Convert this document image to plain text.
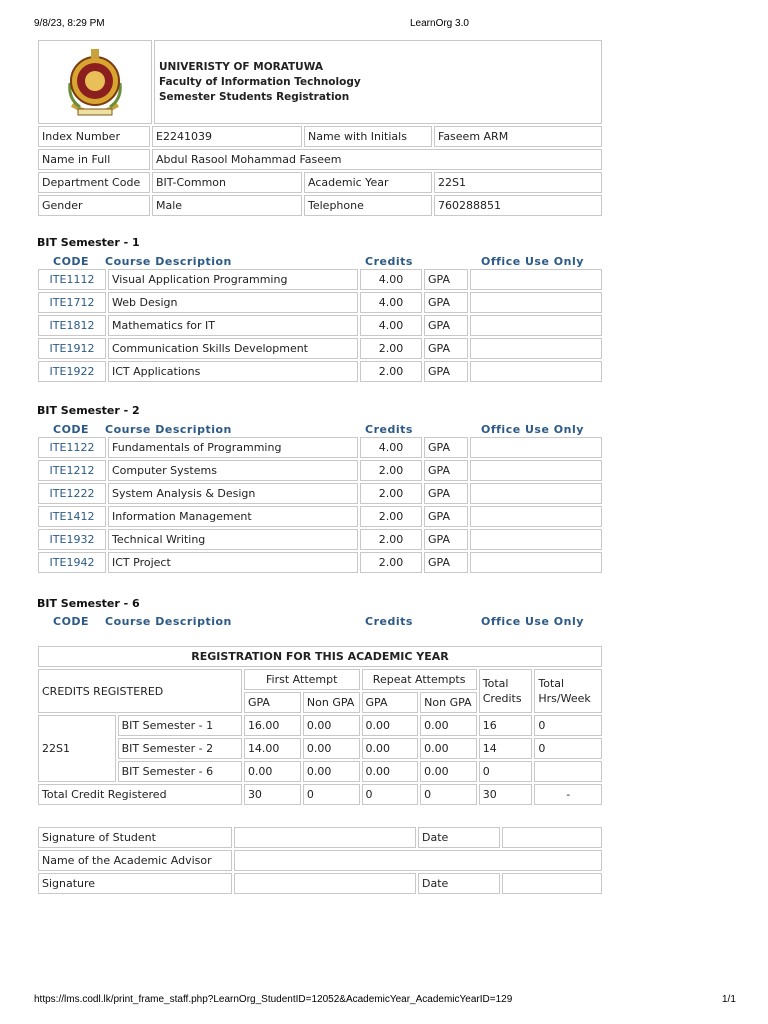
9/8/23, 8:29 PM	LearnOrg 3.0

UNIVERISTY OF MORATUWA
Faculty of Information Technology
Semester Students Registration
Index Number	E2241039	Name with Initials	Faseem ARM
Name in Full	Abdul Rasool Mohammad Faseem		
Department Code	BIT-Common	Academic Year	22S1
Gender	Male	Telephone	760288851
BIT Semester - 1
CODE Course Description	Credits	Office Use Only
ITE1112	Visual Application Programming	4.00	GPA	
ITE1712	Web Design	4.00	GPA	
ITE1812	Mathematics for IT	4.00	GPA	
ITE1912	Communication Skills Development	2.00	GPA	
ITE1922	ICT Applications	2.00	GPA	
BIT Semester - 2
CODE Course Description	Credits	Office Use Only
ITE1122	Fundamentals of Programming	4.00	GPA	
ITE1212	Computer Systems	2.00	GPA	
ITE1222	System Analysis & Design	2.00	GPA	
ITE1412	Information Management	2.00	GPA	
ITE1932	Technical Writing	2.00	GPA	
ITE1942	ICT Project	2.00	GPA	
BIT Semester - 6
CODE Course Description	Credits	Office Use Only
REGISTRATION FOR THIS ACADEMIC YEAR							
CREDITS REGISTERED		First Attempt		Repeat Attempts		Total Credits	Total Hrs/Week
		GPA	Non GPA	GPA	Non GPA		
22S1	BIT Semester - 1	16.00	0.00	0.00	0.00	16	0
	BIT Semester - 2	14.00	0.00	0.00	0.00	14	0
	BIT Semester - 6	0.00	0.00	0.00	0.00	0	
Total Credit Registered		30	0	0	0	30	-
Signature of Student		Date	
Name of the Academic Advisor			
Signature		Date	
https://lms.codl.lk/print_frame_staff.php?LearnOrg_StudentID=12052&AcademicYear_AcademicYearID=129	1/1
